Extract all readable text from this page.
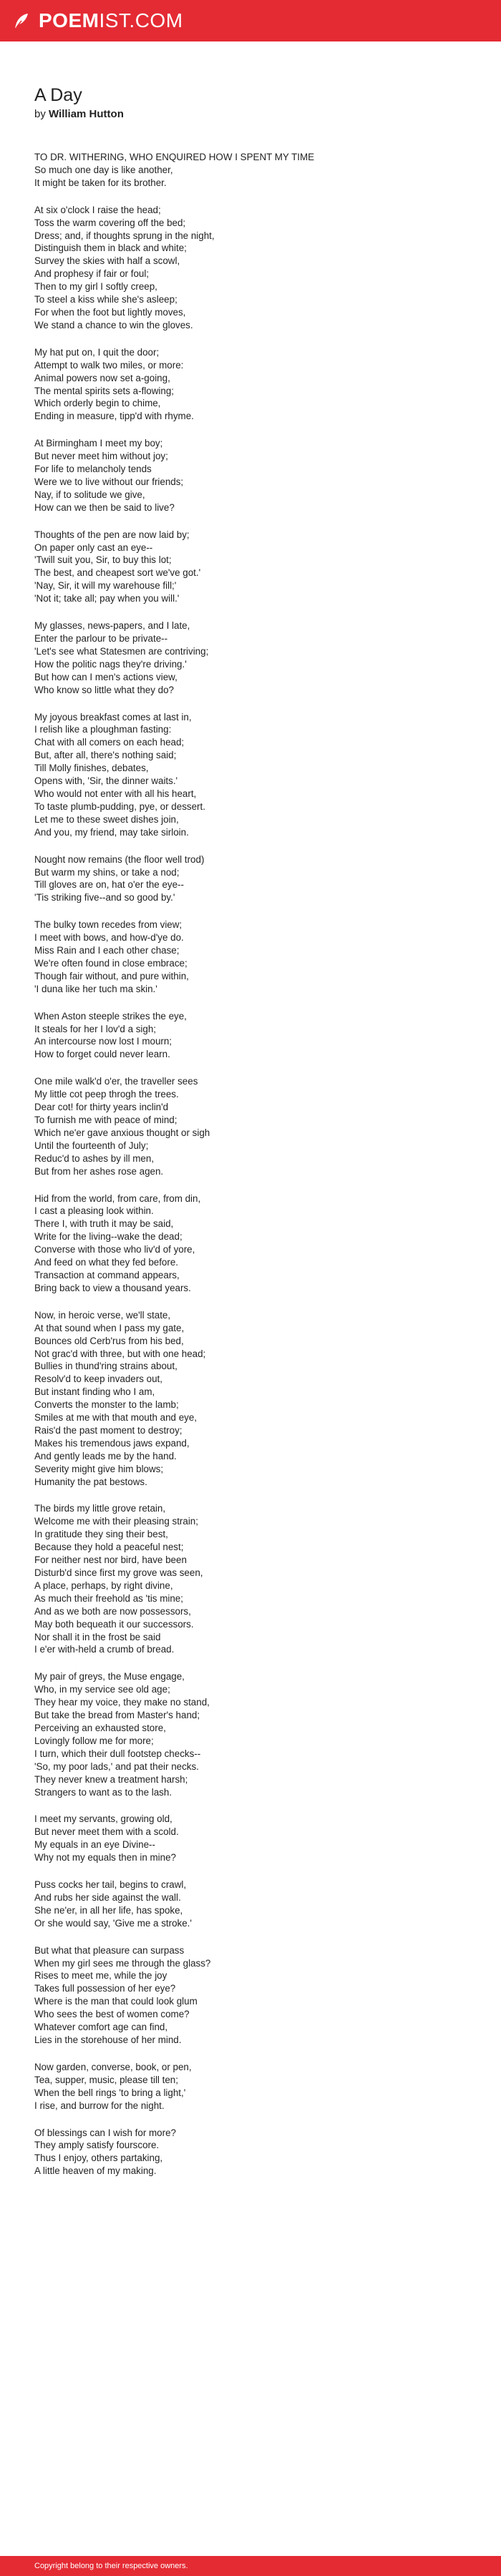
POEM IST.COM
A Day
by William Hutton
TO DR. WITHERING, WHO ENQUIRED HOW I SPENT MY TIME
So much one day is like another,
It might be taken for its brother.
At six o'clock I raise the head;
Toss the warm covering off the bed;
Dress; and, if thoughts sprung in the night,
Distinguish them in black and white;
Survey the skies with half a scowl,
And prophesy if fair or foul;
Then to my girl I softly creep,
To steel a kiss while she's asleep;
For when the foot but lightly moves,
We stand a chance to win the gloves.
My hat put on, I quit the door;
Attempt to walk two miles, or more:
Animal powers now set a-going,
The mental spirits sets a-flowing;
Which orderly begin to chime,
Ending in measure, tipp'd with rhyme.
At Birmingham I meet my boy;
But never meet him without joy;
For life to melancholy tends
Were we to live without our friends;
Nay, if to solitude we give,
How can we then be said to live?
Thoughts of the pen are now laid by;
On paper only cast an eye--
'Twill suit you, Sir, to buy this lot;
The best, and cheapest sort we've got.'
'Nay, Sir, it will my warehouse fill;'
'Not it; take all; pay when you will.'
My glasses, news-papers, and I late,
Enter the parlour to be private--
'Let's see what Statesmen are contriving;
How the politic nags they're driving.'
But how can I men's actions view,
Who know so little what they do?
My joyous breakfast comes at last in,
I relish like a ploughman fasting:
Chat with all comers on each head;
But, after all, there's nothing said;
Till Molly finishes, debates,
Opens with, 'Sir, the dinner waits.'
Who would not enter with all his heart,
To taste plumb-pudding, pye, or dessert.
Let me to these sweet dishes join,
And you, my friend, may take sirloin.
Nought now remains (the floor well trod)
But warm my shins, or take a nod;
Till gloves are on, hat o'er the eye--
'Tis striking five--and so good by.'
The bulky town recedes from view;
I meet with bows, and how-d'ye do.
Miss Rain and I each other chase;
We're often found in close embrace;
Though fair without, and pure within,
'I duna like her tuch ma skin.'
When Aston steeple strikes the eye,
It steals for her I lov'd a sigh;
An intercourse now lost I mourn;
How to forget could never learn.
One mile walk'd o'er, the traveller sees
My little cot peep throgh the trees.
Dear cot! for thirty years inclin'd
To furnish me with peace of mind;
Which ne'er gave anxious thought or sigh
Until the fourteenth of July;
Reduc'd to ashes by ill men,
But from her ashes rose agen.
Hid from the world, from care, from din,
I cast a pleasing look within.
There I, with truth it may be said,
Write for the living--wake the dead;
Converse with those who liv'd of yore,
And feed on what they fed before.
Transaction at command appears,
Bring back to view a thousand years.
Now, in heroic verse, we'll state,
At that sound when I pass my gate,
Bounces old Cerb'rus from his bed,
Not grac'd with three, but with one head;
Bullies in thund'ring strains about,
Resolv'd to keep invaders out,
But instant finding who I am,
Converts the monster to the lamb;
Smiles at me with that mouth and eye,
Rais'd the past moment to destroy;
Makes his tremendous jaws expand,
And gently leads me by the hand.
Severity might give him blows;
Humanity the pat bestows.
The birds my little grove retain,
Welcome me with their pleasing strain;
In gratitude they sing their best,
Because they hold a peaceful nest;
For neither nest nor bird, have been
Disturb'd since first my grove was seen,
A place, perhaps, by right divine,
As much their freehold as 'tis mine;
And as we both are now possessors,
May both bequeath it our successors.
Nor shall it in the frost be said
I e'er with-held a crumb of bread.
My pair of greys, the Muse engage,
Who, in my service see old age;
They hear my voice, they make no stand,
But take the bread from Master's hand;
Perceiving an exhausted store,
Lovingly follow me for more;
I turn, which their dull footstep checks--
'So, my poor lads,' and pat their necks.
They never knew a treatment harsh;
Strangers to want as to the lash.
I meet my servants, growing old,
But never meet them with a scold.
My equals in an eye Divine--
Why not my equals then in mine?
Puss cocks her tail, begins to crawl,
And rubs her side against the wall.
She ne'er, in all her life, has spoke,
Or she would say, 'Give me a stroke.'
But what that pleasure can surpass
When my girl sees me through the glass?
Rises to meet me, while the joy
Takes full possession of her eye?
Where is the man that could look glum
Who sees the best of women come?
Whatever comfort age can find,
Lies in the storehouse of her mind.
Now garden, converse, book, or pen,
Tea, supper, music, please till ten;
When the bell rings 'to bring a light,'
I rise, and burrow for the night.
Of blessings can I wish for more?
They amply satisfy fourscore.
Thus I enjoy, others partaking,
A little heaven of my making.
Copyright belong to their respective owners.
